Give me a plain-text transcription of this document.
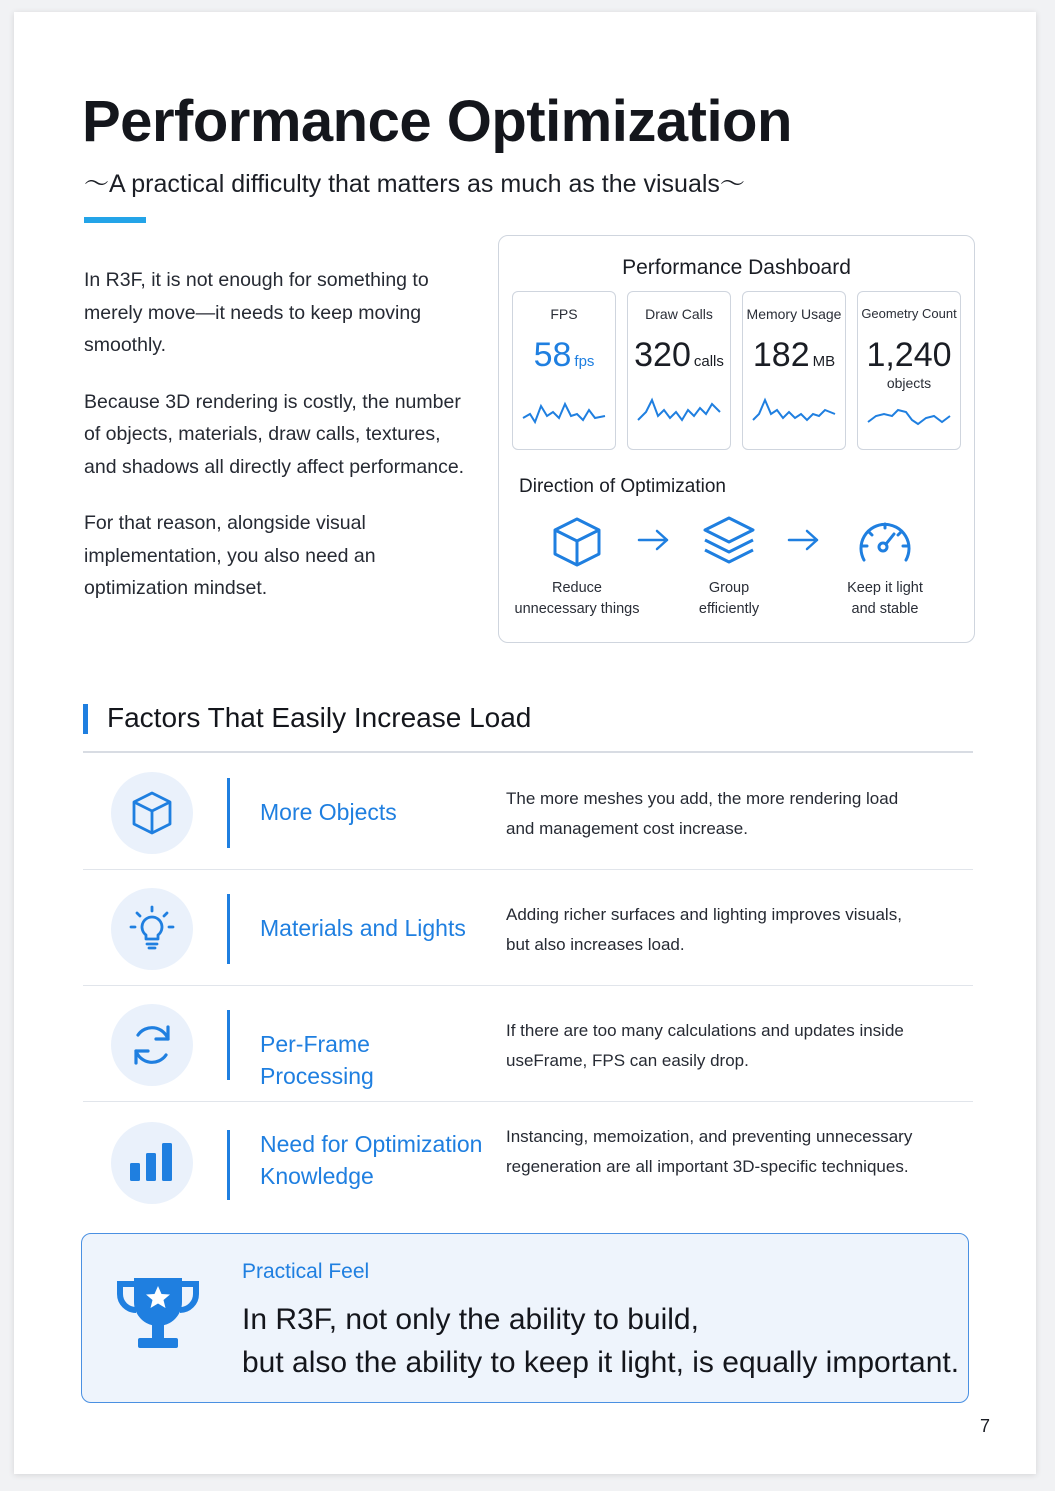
Performance Optimization
～A practical difficulty that matters as much as the visuals～

In R3F, it is not enough for something to merely move—it needs to keep moving smoothly.

Because 3D rendering is costly, the number of objects, materials, draw calls, textures, and shadows all directly affect performance.

For that reason, alongside visual implementation, you also need an optimization mindset.

Performance Dashboard
FPS
58 fps
Draw Calls
320 calls
Memory Usage
182 MB
Geometry Count
1,240
objects
Direction of Optimization
Reduce
unnecessary things
Group
efficiently
Keep it light
and stable
Factors That Easily Increase Load
More Objects
The more meshes you add, the more rendering load and management cost increase.
Materials and Lights
Adding richer surfaces and lighting improves visuals, but also increases load.
Per-Frame Processing
If there are too many calculations and updates inside useFrame, FPS can easily drop.
Need for Optimization Knowledge
Instancing, memoization, and preventing unnecessary regeneration are all important 3D-specific techniques.
Practical Feel
In R3F, not only the ability to build,
but also the ability to keep it light, is equally important.
7
